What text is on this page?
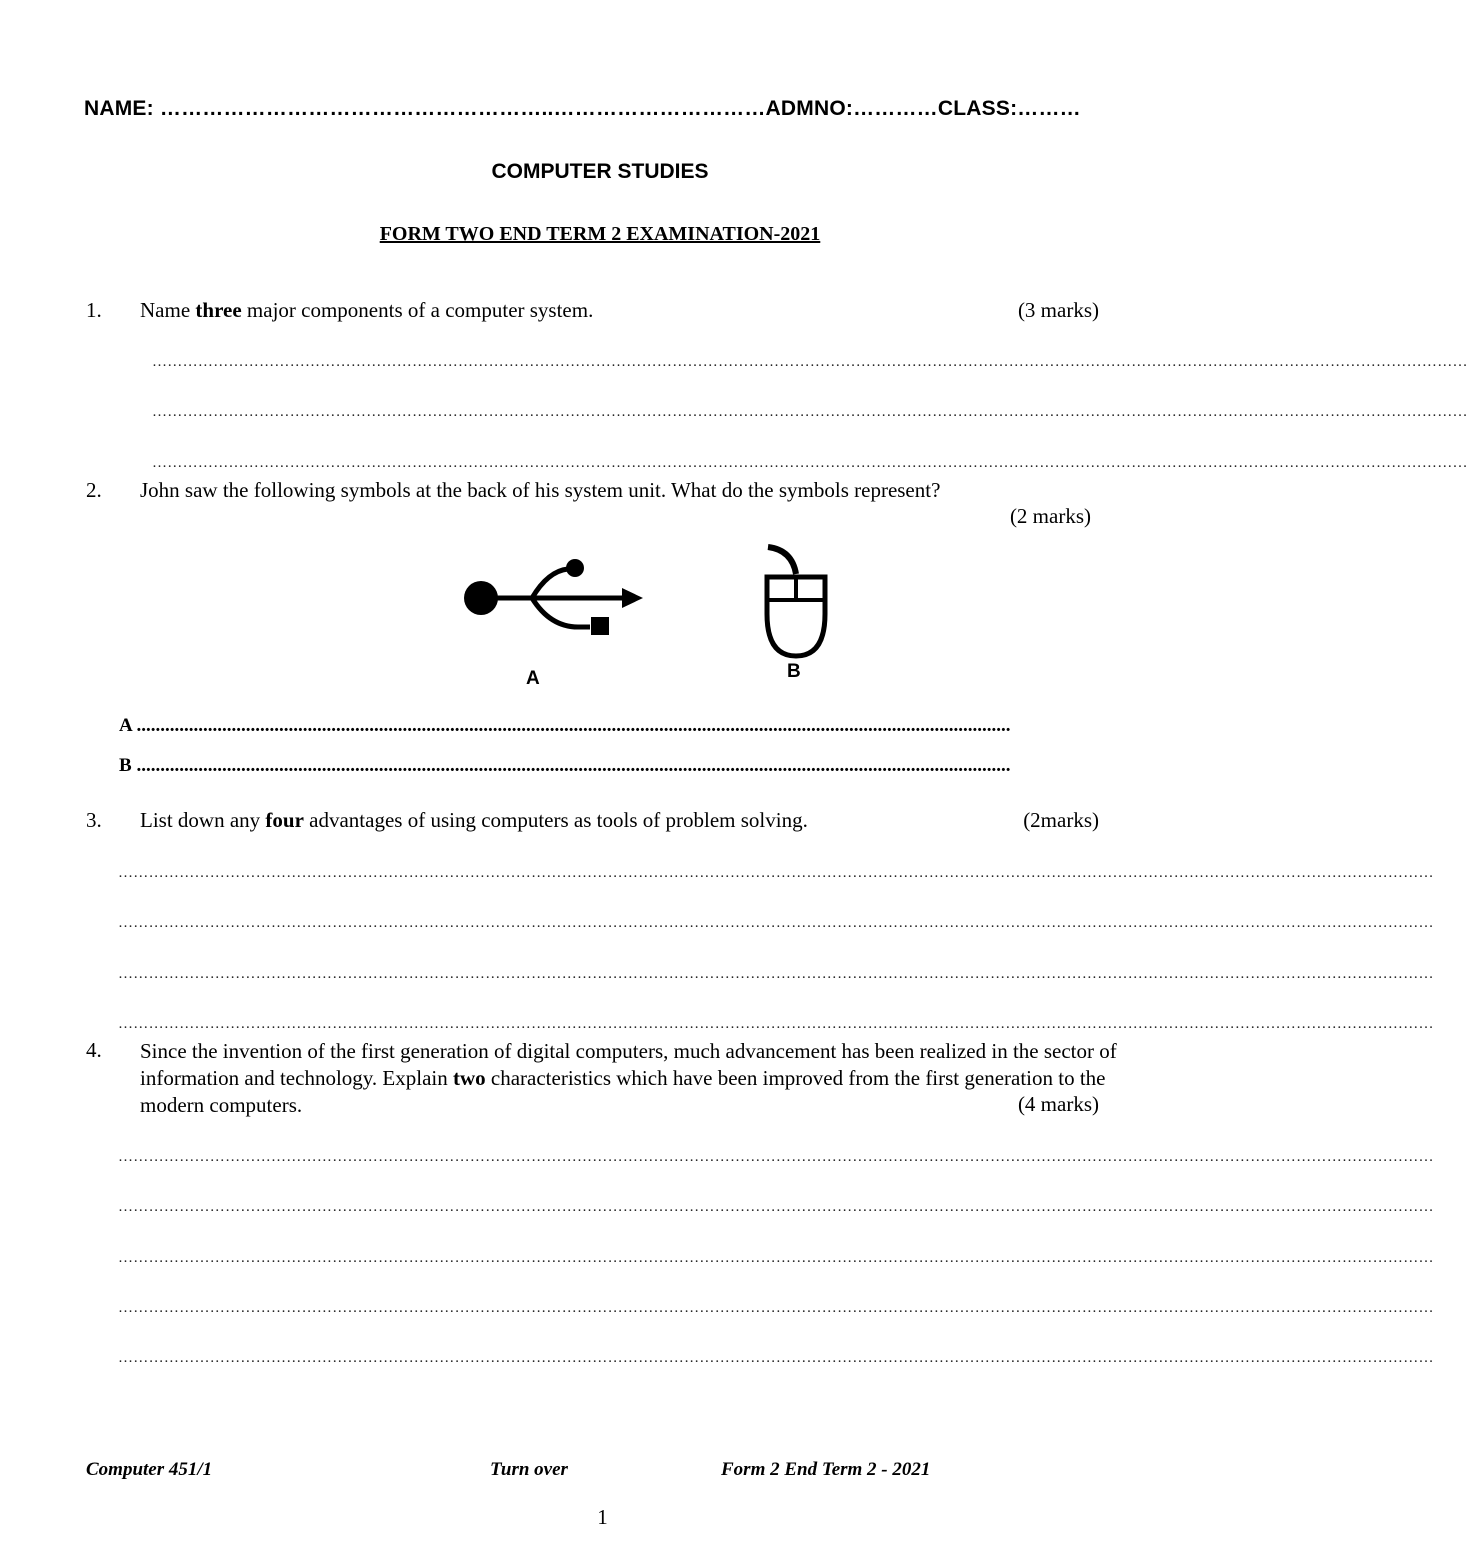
NAME: ………………………………………………..…………………………ADMNO:…………CLASS:………
COMPUTER STUDIES
FORM TWO END TERM 2 EXAMINATION-2021
1. Name three major components of a computer system.	(3 marks)
……………………………………………………………………………………………………………………………………………………………………………………………………………………………………
……………………………………………………………………………………………………………………………………………………………………………………………………………………………………
……………………………………………………………………………………………………………………………………………………………………………………………………………………………………
2. John saw the following symbols at the back of his system unit. What do the symbols represent?
(2 marks)
A	B
A ........................................................................................................................................................................................
B ........................................................................................................................................................................................
3. List down any four advantages of using computers as tools of problem solving.	(2marks)
……………………………………………………………………………………………………………………………………………………………………………………………………………………………………
……………………………………………………………………………………………………………………………………………………………………………………………………………………………………
……………………………………………………………………………………………………………………………………………………………………………………………………………………………………
……………………………………………………………………………………………………………………………………………………………………………………………………………………………………
4. Since the invention of the first generation of digital computers, much advancement has been realized in the sector of information and technology. Explain two characteristics which have been improved from the first generation to the modern computers.	(4 marks)
……………………………………………………………………………………………………………………………………………………………………………………………………………………………………
……………………………………………………………………………………………………………………………………………………………………………………………………………………………………
……………………………………………………………………………………………………………………………………………………………………………………………………………………………………
……………………………………………………………………………………………………………………………………………………………………………………………………………………………………
……………………………………………………………………………………………………………………………………………………………………………………………………………………………………
Computer 451/1	Turn over	Form 2 End Term 2 - 2021
1
